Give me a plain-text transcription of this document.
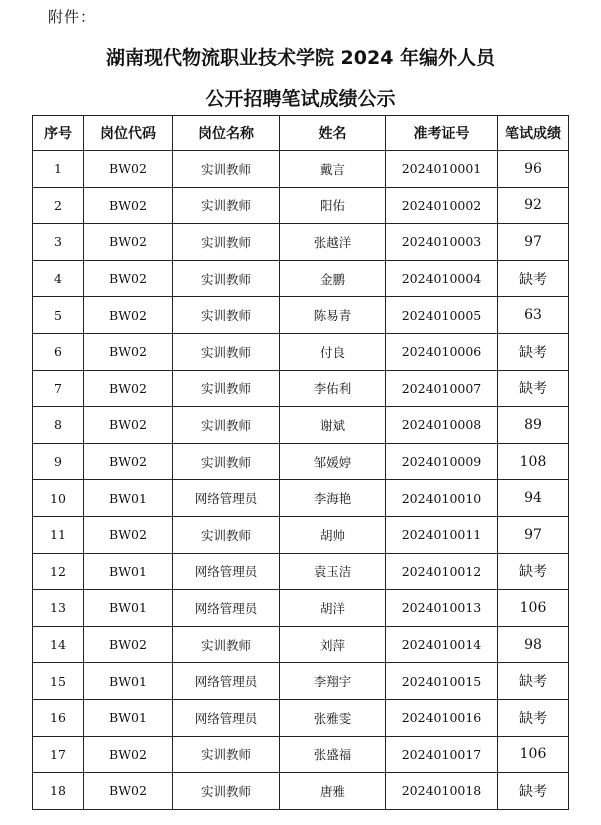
附件：
湖南现代物流职业技术学院 2024 年编外人员
公开招聘笔试成绩公示
序号	岗位代码	岗位名称	姓名	准考证号	笔试成绩
1	BW02	实训教师	戴言	2024010001	96
2	BW02	实训教师	阳佑	2024010002	92
3	BW02	实训教师	张越洋	2024010003	97
4	BW02	实训教师	金鹏	2024010004	缺考
5	BW02	实训教师	陈易青	2024010005	63
6	BW02	实训教师	付良	2024010006	缺考
7	BW02	实训教师	李佑利	2024010007	缺考
8	BW02	实训教师	谢斌	2024010008	89
9	BW02	实训教师	邹媛婷	2024010009	108
10	BW01	网络管理员	李海艳	2024010010	94
11	BW02	实训教师	胡帅	2024010011	97
12	BW01	网络管理员	袁玉洁	2024010012	缺考
13	BW01	网络管理员	胡洋	2024010013	106
14	BW02	实训教师	刘萍	2024010014	98
15	BW01	网络管理员	李翔宇	2024010015	缺考
16	BW01	网络管理员	张雅雯	2024010016	缺考
17	BW02	实训教师	张盛福	2024010017	106
18	BW02	实训教师	唐雅	2024010018	缺考
